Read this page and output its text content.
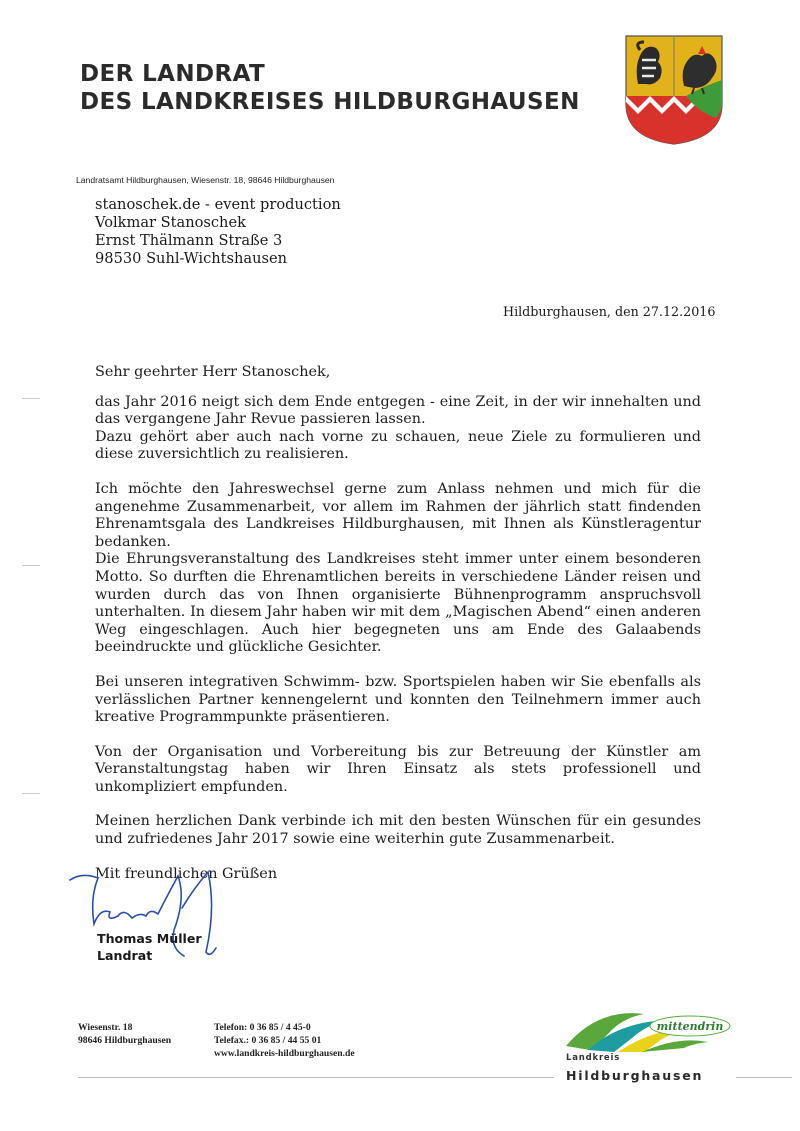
DER LANDRAT
DES LANDKREISES HILDBURGHAUSEN
Landratsamt Hildburghausen, Wiesenstr. 18, 98646 Hildburghausen
stanoschek.de - event production
Volkmar Stanoschek
Ernst Thälmann Straße 3
98530 Suhl-Wichtshausen
Hildburghausen, den 27.12.2016

Sehr geehrter Herr Stanoschek,

das Jahr 2016 neigt sich dem Ende entgegen - eine Zeit, in der wir innehalten und das vergangene Jahr Revue passieren lassen.

Dazu gehört aber auch nach vorne zu schauen, neue Ziele zu formulieren und diese zuversichtlich zu realisieren.

Ich möchte den Jahreswechsel gerne zum Anlass nehmen und mich für die angenehme Zusammenarbeit, vor allem im Rahmen der jährlich statt findenden Ehrenamtsgala des Landkreises Hildburghausen, mit Ihnen als Künstleragentur bedanken.

Die Ehrungsveranstaltung des Landkreises steht immer unter einem besonderen Motto. So durften die Ehrenamtlichen bereits in verschiedene Länder reisen und wurden durch das von Ihnen organisierte Bühnenprogramm anspruchsvoll unterhalten. In diesem Jahr haben wir mit dem „Magischen Abend“ einen anderen Weg eingeschlagen. Auch hier begegneten uns am Ende des Galaabends beeindruckte und glückliche Gesichter.

Bei unseren integrativen Schwimm- bzw. Sportspielen haben wir Sie ebenfalls als verlässlichen Partner kennengelernt und konnten den Teilnehmern immer auch kreative Programmpunkte präsentieren.

Von der Organisation und Vorbereitung bis zur Betreuung der Künstler am Veranstaltungstag haben wir Ihren Einsatz als stets professionell und unkompliziert empfunden.

Meinen herzlichen Dank verbinde ich mit den besten Wünschen für ein gesundes und zufriedenes Jahr 2017 sowie eine weiterhin gute Zusammenarbeit.

Mit freundlichen Grüßen
Thomas Müller
Landrat
Wiesenstr. 18
98646 Hildburghausen
Telefon: 0 36 85 / 4 45-0
Telefax.: 0 36 85 / 44 55 01
www.landkreis-hildburghausen.de
mittendrin
Landkreis
Hildburghausen
